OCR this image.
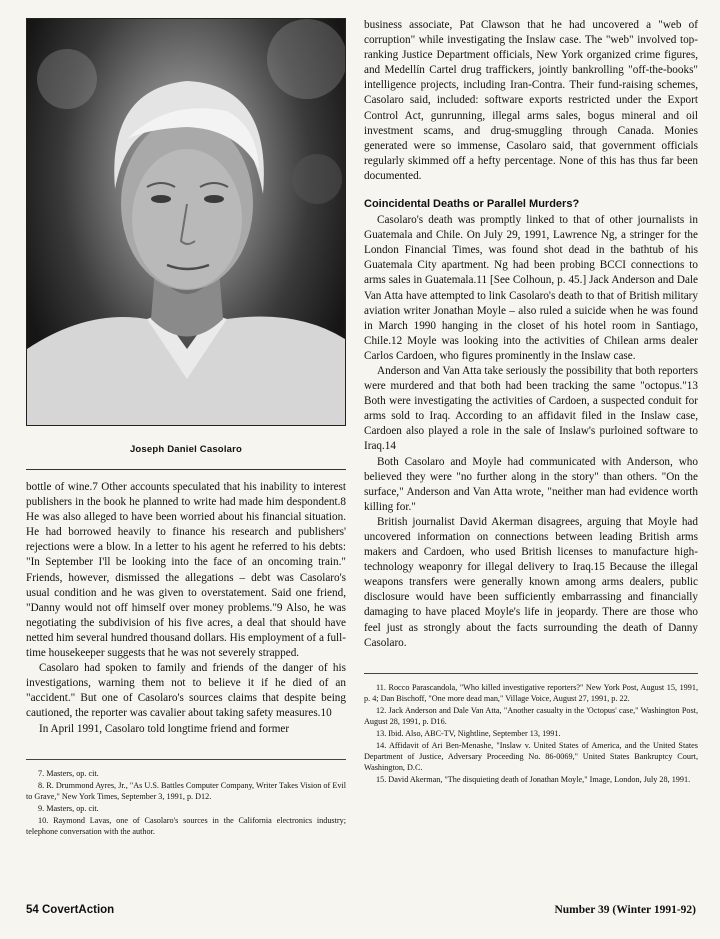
Joseph Daniel Casolaro

bottle of wine.7 Other accounts speculated that his inability to interest publishers in the book he planned to write had made him despondent.8 He was also alleged to have been worried about his financial situation. He had borrowed heavily to finance his research and publishers' rejections were a blow. In a letter to his agent he referred to his debts: "In September I'll be looking into the face of an oncoming train." Friends, however, dismissed the allegations – debt was Casolaro's usual condition and he was given to overstatement. Said one friend, "Danny would not off himself over money problems."9 Also, he was negotiating the subdivision of his five acres, a deal that should have netted him several hundred thousand dollars. His employment of a full-time housekeeper suggests that he was not severely strapped.

Casolaro had spoken to family and friends of the danger of his investigations, warning them not to believe it if he died of an "accident." But one of Casolaro's sources claims that despite being cautioned, the reporter was cavalier about taking safety measures.10

In April 1991, Casolaro told longtime friend and former

7. Masters, op. cit.
8. R. Drummond Ayres, Jr., "As U.S. Battles Computer Company, Writer Takes Vision of Evil to Grave," New York Times, September 3, 1991, p. D12.
9. Masters, op. cit.
10. Raymond Lavas, one of Casolaro's sources in the California electronics industry; telephone conversation with the author.

business associate, Pat Clawson that he had uncovered a "web of corruption" while investigating the Inslaw case. The "web" involved top-ranking Justice Department officials, New York organized crime figures, and Medellín Cartel drug traffickers, jointly bankrolling "off-the-books" intelligence projects, including Iran-Contra. Their fund-raising schemes, Casolaro said, included: software exports restricted under the Export Control Act, gunrunning, illegal arms sales, bogus mineral and oil investment scams, and drug-smuggling through Canada. Monies generated were so immense, Casolaro said, that government officials regularly skimmed off a hefty percentage. None of this has thus far been documented.

Coincidental Deaths or Parallel Murders?

Casolaro's death was promptly linked to that of other journalists in Guatemala and Chile. On July 29, 1991, Lawrence Ng, a stringer for the London Financial Times, was found shot dead in the bathtub of his Guatemala City apartment. Ng had been probing BCCI connections to arms sales in Guatemala.11 [See Colhoun, p. 45.] Jack Anderson and Dale Van Atta have attempted to link Casolaro's death to that of British military aviation writer Jonathan Moyle – also ruled a suicide when he was found in March 1990 hanging in the closet of his hotel room in Santiago, Chile.12 Moyle was looking into the activities of Chilean arms dealer Carlos Cardoen, who figures prominently in the Inslaw case.

Anderson and Van Atta take seriously the possibility that both reporters were murdered and that both had been tracking the same "octopus."13 Both were investigating the activities of Cardoen, a suspected conduit for arms sold to Iraq. According to an affidavit filed in the Inslaw case, Cardoen also played a role in the sale of Inslaw's purloined software to Iraq.14

Both Casolaro and Moyle had communicated with Anderson, who believed they were "no further along in the story" than others. "On the surface," Anderson and Van Atta wrote, "neither man had evidence worth killing for."

British journalist David Akerman disagrees, arguing that Moyle had uncovered information on connections between leading British arms makers and Cardoen, who used British licenses to manufacture high-technology weaponry for illegal delivery to Iraq.15 Because the illegal weapons transfers were generally known among arms dealers, public disclosure would have been sufficiently embarrassing and financially damaging to have placed Moyle's life in jeopardy. There are those who feel just as strongly about the facts surrounding the death of Danny Casolaro.

11. Rocco Parascandola, "Who killed investigative reporters?" New York Post, August 15, 1991, p. 4; Dan Bischoff, "One more dead man," Village Voice, August 27, 1991, p. 22.
12. Jack Anderson and Dale Van Atta, "Another casualty in the 'Octopus' case," Washington Post, August 28, 1991, p. D16.
13. Ibid. Also, ABC-TV, Nightline, September 13, 1991.
14. Affidavit of Ari Ben-Menashe, "Inslaw v. United States of America, and the United States Department of Justice, Adversary Proceeding No. 86-0069," United States Bankruptcy Court, Washington, D.C.
15. David Akerman, "The disquieting death of Jonathan Moyle," Image, London, July 28, 1991.
54 CovertAction	Number 39 (Winter 1991-92)
